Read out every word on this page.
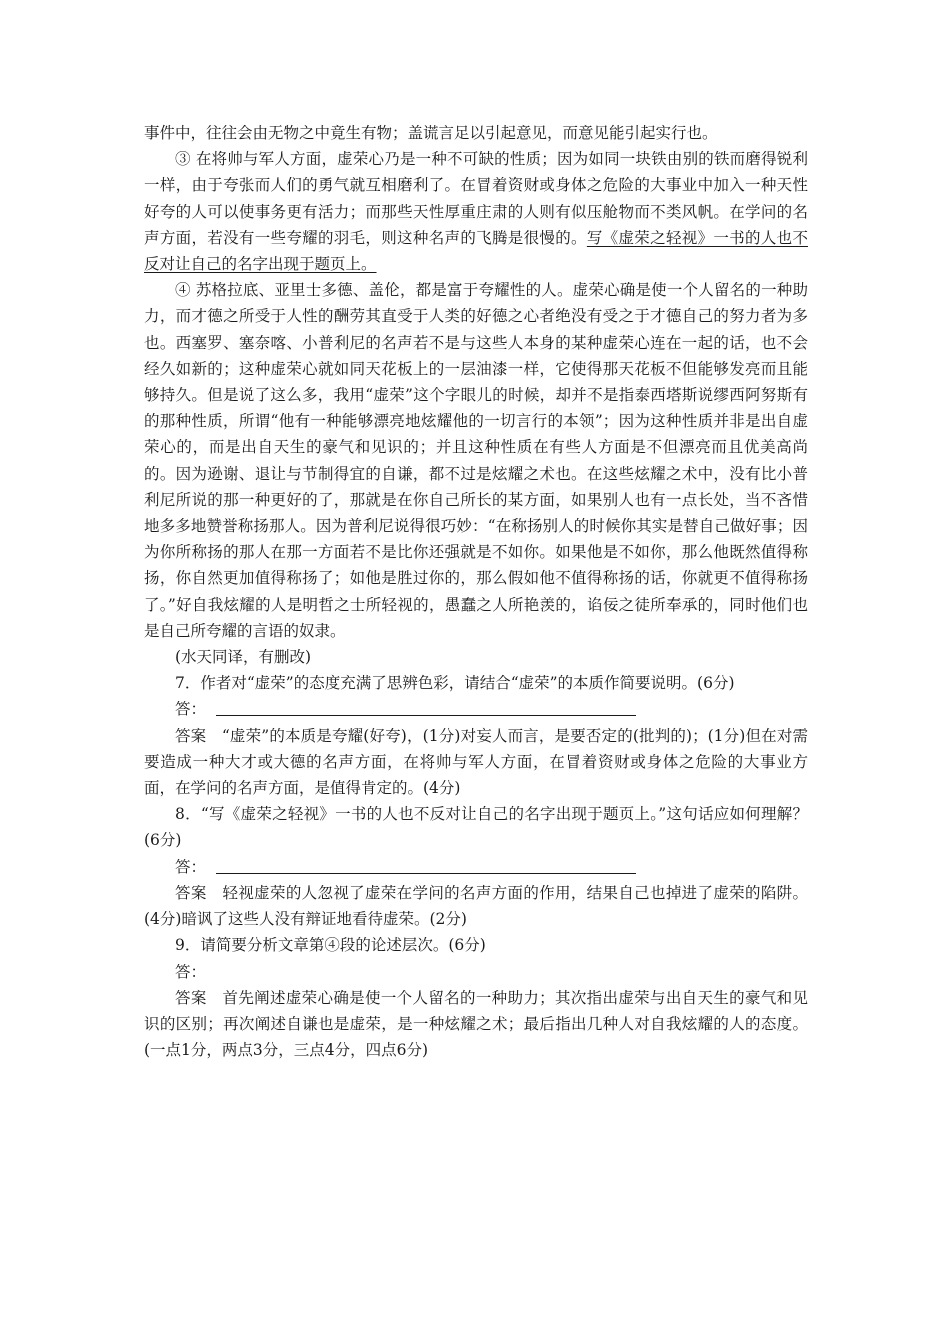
事件中，往往会由无物之中竟生有物；盖谎言足以引起意见，而意见能引起实行也。

③ 在将帅与军人方面，虚荣心乃是一种不可缺的性质；因为如同一块铁由别的铁而磨得锐利一样，由于夸张而人们的勇气就互相磨利了。在冒着资财或身体之危险的大事业中加入一种天性好夸的人可以使事务更有活力；而那些天性厚重庄肃的人则有似压舱物而不类风帆。在学问的名声方面，若没有一些夸耀的羽毛，则这种名声的飞腾是很慢的。写《虚荣之轻视》一书的人也不反对让自己的名字出现于题页上。

④ 苏格拉底、亚里士多德、盖伦，都是富于夸耀性的人。虚荣心确是使一个人留名的一种助力，而才德之所受于人性的酬劳其直受于人类的好德之心者绝没有受之于才德自己的努力者为多也。西塞罗、塞奈喀、小普利尼的名声若不是与这些人本身的某种虚荣心连在一起的话，也不会经久如新的；这种虚荣心就如同天花板上的一层油漆一样，它使得那天花板不但能够发亮而且能够持久。但是说了这么多，我用“虚荣”这个字眼儿的时候，却并不是指泰西塔斯说缪西阿努斯有的那种性质，所谓“他有一种能够漂亮地炫耀他的一切言行的本领”；因为这种性质并非是出自虚荣心的，而是出自天生的豪气和见识的；并且这种性质在有些人方面是不但漂亮而且优美高尚的。因为逊谢、退让与节制得宜的自谦，都不过是炫耀之术也。在这些炫耀之术中，没有比小普利尼所说的那一种更好的了，那就是在你自己所长的某方面，如果别人也有一点长处，当不吝惜地多多地赞誉称扬那人。因为普利尼说得很巧妙：“在称扬别人的时候你其实是替自己做好事；因为你所称扬的那人在那一方面若不是比你还强就是不如你。如果他是不如你，那么他既然值得称扬，你自然更加值得称扬了；如他是胜过你的，那么假如他不值得称扬的话，你就更不值得称扬了。”好自我炫耀的人是明哲之士所轻视的，愚蠢之人所艳羡的，谄佞之徒所奉承的，同时他们也是自己所夸耀的言语的奴隶。

(水天同译，有删改)

7．作者对“虚荣”的态度充满了思辨色彩，请结合“虚荣”的本质作简要说明。(6分)

答：

答案 “虚荣”的本质是夸耀(好夸)，(1分)对妄人而言，是要否定的(批判的)；(1分)但在对需要造成一种大才或大德的名声方面，在将帅与军人方面，在冒着资财或身体之危险的大事业方面，在学问的名声方面，是值得肯定的。(4分)

8．“写《虚荣之轻视》一书的人也不反对让自己的名字出现于题页上。”这句话应如何理解？(6分)

答：

答案 轻视虚荣的人忽视了虚荣在学问的名声方面的作用，结果自己也掉进了虚荣的陷阱。(4分)暗讽了这些人没有辩证地看待虚荣。(2分)

9．请简要分析文章第④段的论述层次。(6分)

答：

答案 首先阐述虚荣心确是使一个人留名的一种助力；其次指出虚荣与出自天生的豪气和见识的区别；再次阐述自谦也是虚荣，是一种炫耀之术；最后指出几种人对自我炫耀的人的态度。(一点1分，两点3分，三点4分，四点6分)
